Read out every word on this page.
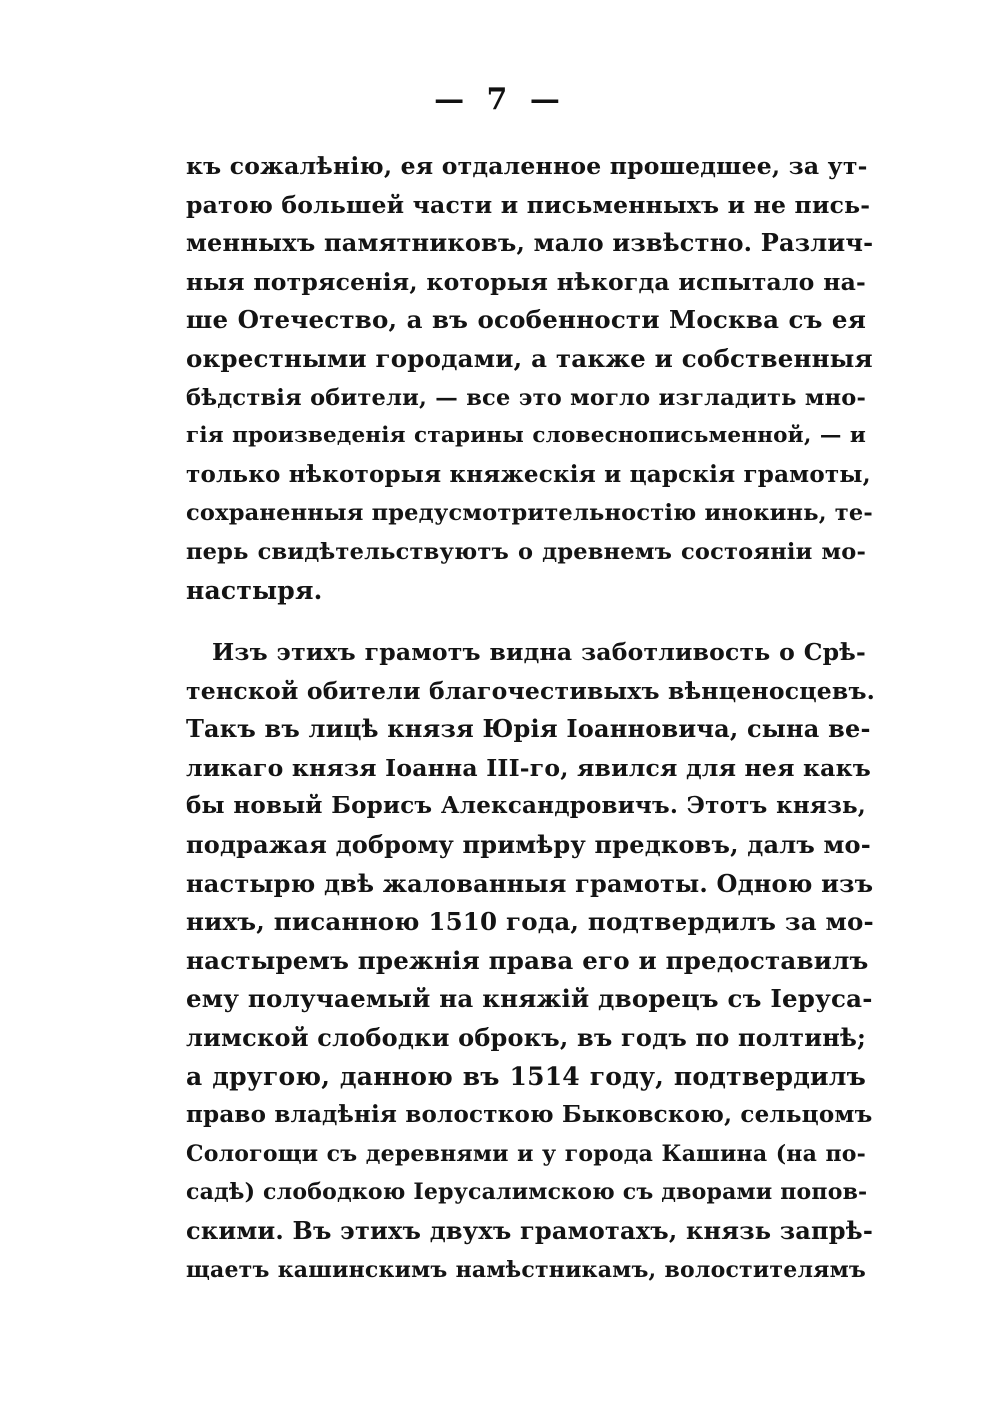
— 7 —
къ сожалѣнію, ея отдаленное прошедшее, за ут-
ратою большей части и письменныхъ и не пись-
менныхъ памятниковъ, мало извѣстно. Различ-
ныя потрясенія, которыя нѣкогда испытало на-
ше Отечество, а въ особенности Москва съ ея
окрестными городами, а также и собственныя
бѣдствія обители, — все это могло изгладить мно-
гія произведенія старины словеснописьменной, — и
только нѣкоторыя княжескія и царскія грамоты,
сохраненныя предусмотрительностію инокинь, те-
перь свидѣтельствуютъ о древнемъ состояніи мо-
настыря.
Изъ этихъ грамотъ видна заботливость о Срѣ-
тенской обители благочестивыхъ вѣнценосцевъ.
Такъ въ лицѣ князя Юрія Іоанновича, сына ве-
ликаго князя Іоанна III-го, явился для нея какъ
бы новый Борисъ Александровичъ. Этотъ князь,
подражая доброму примѣру предковъ, далъ мо-
настырю двѣ жалованныя грамоты. Одною изъ
нихъ, писанною 1510 года, подтвердилъ за мо-
настыремъ прежнія права его и предоставилъ
ему получаемый на княжій дворецъ съ Іеруса-
лимской слободки оброкъ, въ годъ по полтинѣ;
а другою, данною въ 1514 году, подтвердилъ
право владѣнія волосткою Быковскою, сельцомъ
Сологощи съ деревнями и у города Кашина (на по-
садѣ) слободкою Іерусалимскою съ дворами попов-
скими. Въ этихъ двухъ грамотахъ, князь запрѣ-
щаетъ кашинскимъ намѣстникамъ, волостителямъ
